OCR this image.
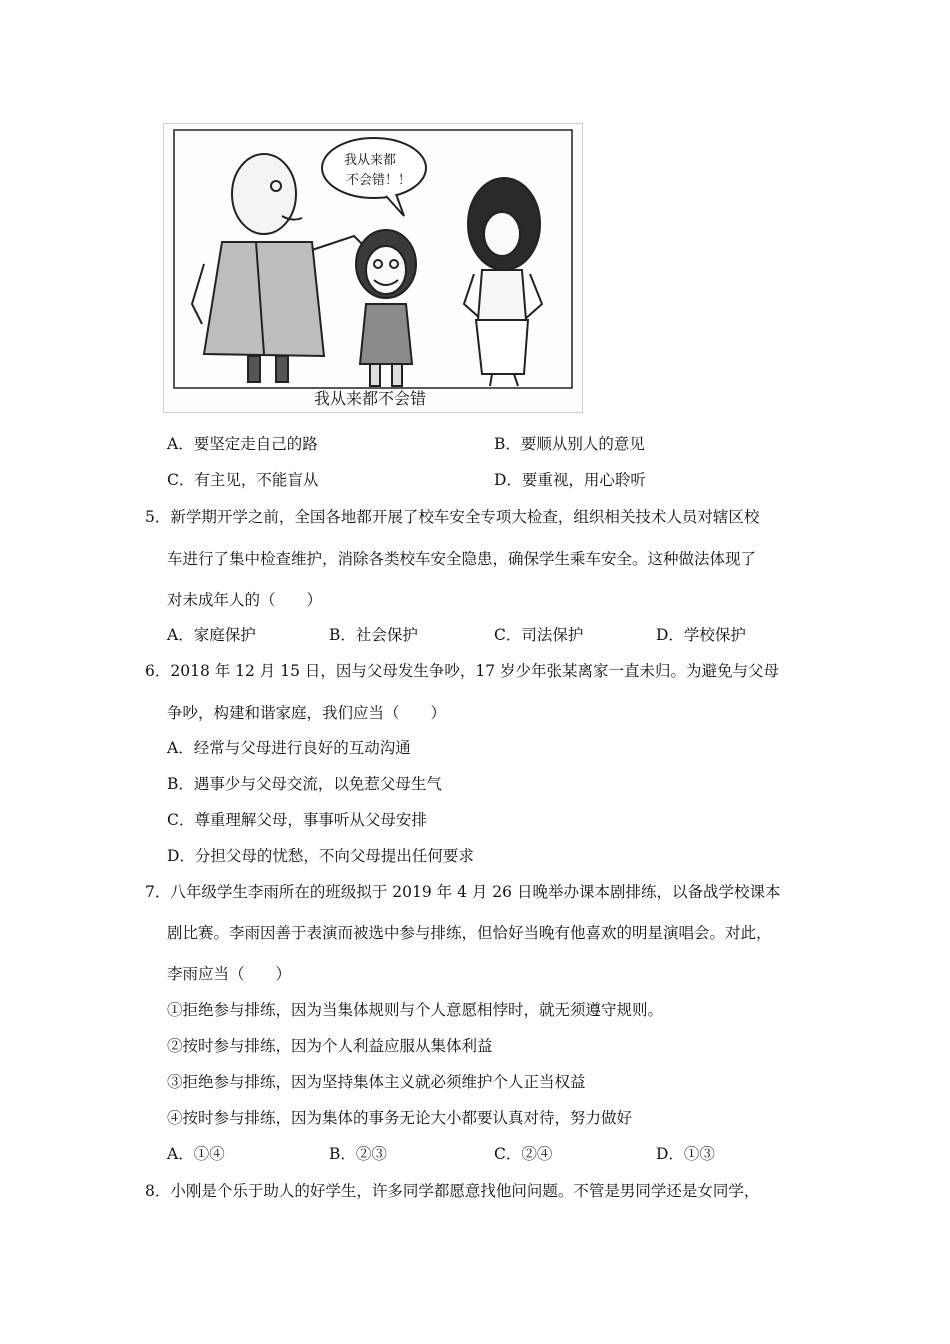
我从来都
不会错！！
我从来都不会错
A．要坚定走自己的路	B．要顺从别人的意见
C．有主见，不能盲从	D．要重视，用心聆听
5．新学期开学之前，全国各地都开展了校车安全专项大检查，组织相关技术人员对辖区校
车进行了集中检查维护，消除各类校车安全隐患，确保学生乘车安全。这种做法体现了
对未成年人的（　　）
A．家庭保护	B．社会保护	C．司法保护	D．学校保护
6．2018 年 12 月 15 日，因与父母发生争吵，17 岁少年张某离家一直未归。为避免与父母
争吵，构建和谐家庭，我们应当（　　）
A．经常与父母进行良好的互动沟通
B．遇事少与父母交流，以免惹父母生气
C．尊重理解父母，事事听从父母安排
D．分担父母的忧愁，不向父母提出任何要求
7．八年级学生李雨所在的班级拟于 2019 年 4 月 26 日晚举办课本剧排练，以备战学校课本
剧比赛。李雨因善于表演而被选中参与排练，但恰好当晚有他喜欢的明星演唱会。对此，
李雨应当（　　）
①拒绝参与排练，因为当集体规则与个人意愿相悖时，就无须遵守规则。
②按时参与排练，因为个人利益应服从集体利益
③拒绝参与排练，因为坚持集体主义就必须维护个人正当权益
④按时参与排练，因为集体的事务无论大小都要认真对待，努力做好
A．①④	B．②③	C．②④	D．①③
8．小刚是个乐于助人的好学生，许多同学都愿意找他问问题。不管是男同学还是女同学，
